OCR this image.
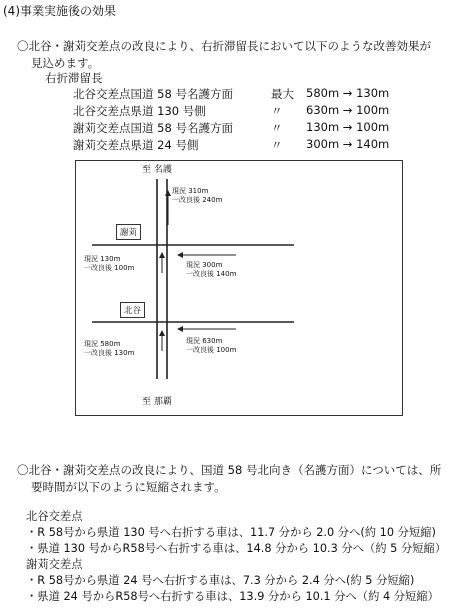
(4)事業実施後の効果
〇北谷・謝苅交差点の改良により、右折滞留長において以下のような改善効果が
見込めます。
右折滞留長
北谷交差点国道 58 号名護方面	最大 580m → 130m
北谷交差点県道 130 号側	〃 630m → 100m
謝苅交差点国道 58 号名護方面	〃 130m → 100m
謝苅交差点県道 24 号側	〃 300m → 140m
至 名護
至 那覇
謝苅
北谷
現況 310m
一改良後 240m
現況 130m
一改良後 100m	現況 300m
一改良後 140m
現況 580m
一改良後 130m
現況 630m
一改良後 100m
〇北谷・謝苅交差点の改良により、国道 58 号北向き（名護方面）については、所
要時間が以下のように短縮されます。
北谷交差点
・R 58号から県道 130 号へ右折する車は、11.7 分から 2.0 分へ(約 10 分短縮)
・県道 130 号からR58号へ右折する車は、14.8 分から 10.3 分へ（約 5 分短縮）
謝苅交差点
・R 58号から県道 24 号へ右折する車は、7.3 分から 2.4 分へ(約 5 分短縮)
・県道 24 号からR58号へ右折する車は、13.9 分から 10.1 分へ（約 4 分短縮）
